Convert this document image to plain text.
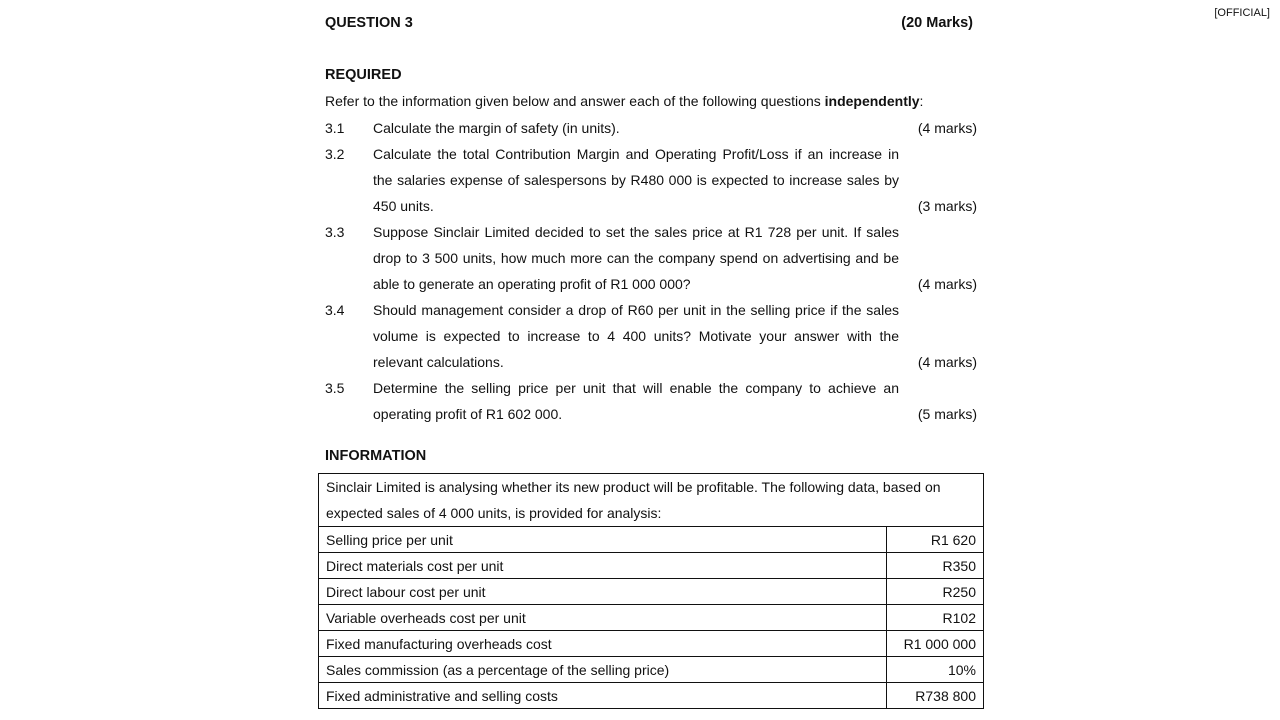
[OFFICIAL]
QUESTION 3	(20 Marks)
REQUIRED
Refer to the information given below and answer each of the following questions independently:
3.1 Calculate the margin of safety (in units).	(4 marks)
3.2 Calculate the total Contribution Margin and Operating Profit/Loss if an increase in the salaries expense of salespersons by R480 000 is expected to increase sales by 450 units.	(3 marks)
3.3 Suppose Sinclair Limited decided to set the sales price at R1 728 per unit. If sales drop to 3 500 units, how much more can the company spend on advertising and be able to generate an operating profit of R1 000 000?	(4 marks)
3.4 Should management consider a drop of R60 per unit in the selling price if the sales volume is expected to increase to 4 400 units? Motivate your answer with the relevant calculations.	(4 marks)
3.5 Determine the selling price per unit that will enable the company to achieve an operating profit of R1 602 000.	(5 marks)
INFORMATION
Sinclair Limited is analysing whether its new product will be profitable. The following data, based on expected sales of 4 000 units, is provided for analysis:	
Selling price per unit	R1 620
Direct materials cost per unit	R350
Direct labour cost per unit	R250
Variable overheads cost per unit	R102
Fixed manufacturing overheads cost	R1 000 000
Sales commission (as a percentage of the selling price)	10%
Fixed administrative and selling costs	R738 800
